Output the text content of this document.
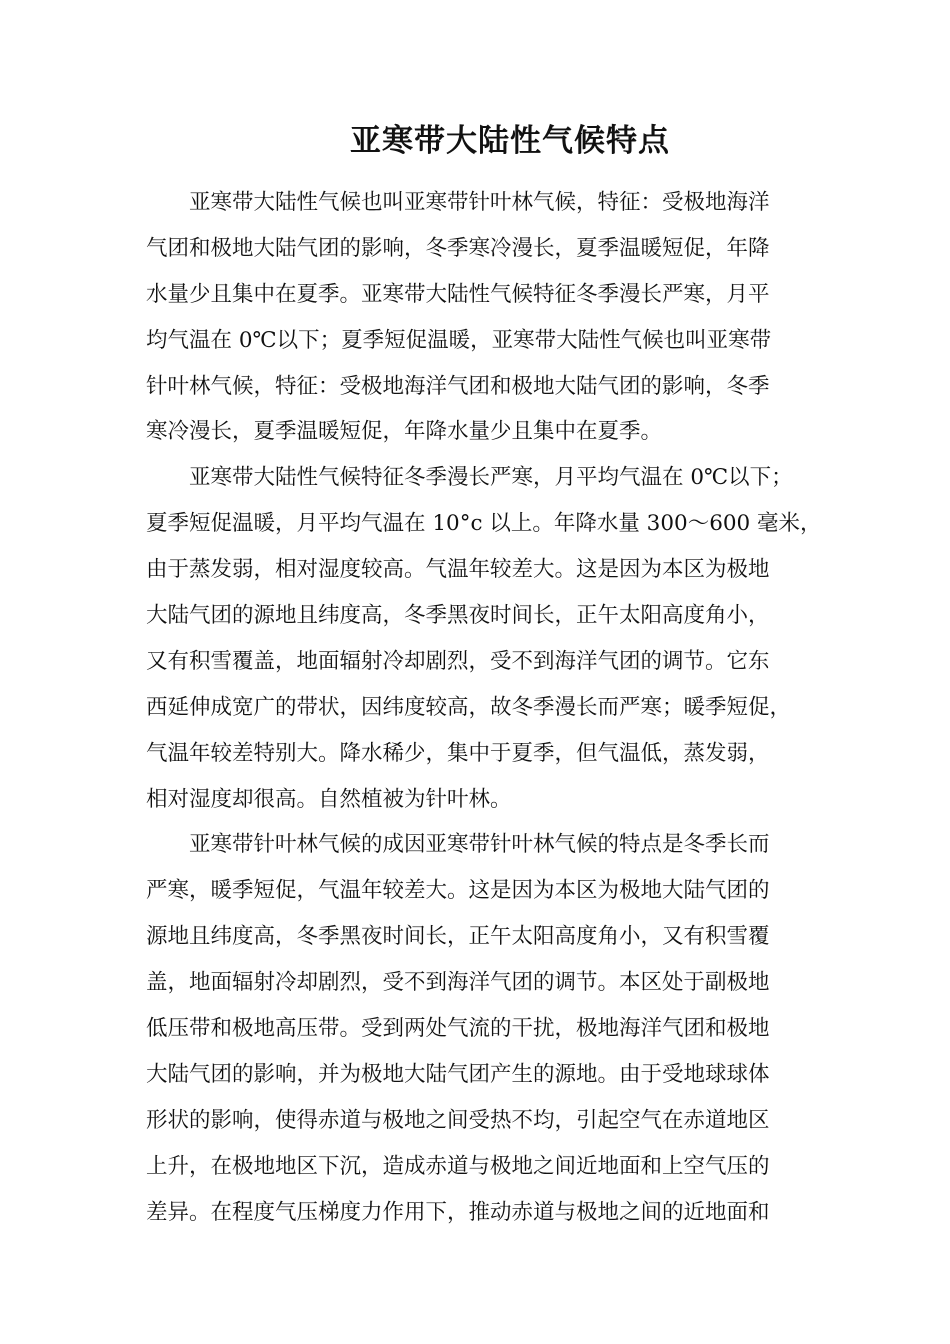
亚寒带大陆性气候特点
亚寒带大陆性气候也叫亚寒带针叶林气候，特征：受极地海洋
气团和极地大陆气团的影响，冬季寒冷漫长，夏季温暖短促，年降
水量少且集中在夏季。亚寒带大陆性气候特征冬季漫长严寒，月平
均气温在 0℃以下；夏季短促温暖，亚寒带大陆性气候也叫亚寒带
针叶林气候，特征：受极地海洋气团和极地大陆气团的影响，冬季
寒冷漫长，夏季温暖短促，年降水量少且集中在夏季。
亚寒带大陆性气候特征冬季漫长严寒，月平均气温在 0℃以下；
夏季短促温暖，月平均气温在 10°c 以上。年降水量 300～600 毫米，
由于蒸发弱，相对湿度较高。气温年较差大。这是因为本区为极地
大陆气团的源地且纬度高，冬季黑夜时间长，正午太阳高度角小，
又有积雪覆盖，地面辐射冷却剧烈，受不到海洋气团的调节。它东
西延伸成宽广的带状，因纬度较高，故冬季漫长而严寒；暖季短促，
气温年较差特别大。降水稀少，集中于夏季，但气温低，蒸发弱，
相对湿度却很高。自然植被为针叶林。
亚寒带针叶林气候的成因亚寒带针叶林气候的特点是冬季长而
严寒，暖季短促，气温年较差大。这是因为本区为极地大陆气团的
源地且纬度高，冬季黑夜时间长，正午太阳高度角小，又有积雪覆
盖，地面辐射冷却剧烈，受不到海洋气团的调节。本区处于副极地
低压带和极地高压带。受到两处气流的干扰，极地海洋气团和极地
大陆气团的影响，并为极地大陆气团产生的源地。由于受地球球体
形状的影响，使得赤道与极地之间受热不均，引起空气在赤道地区
上升，在极地地区下沉，造成赤道与极地之间近地面和上空气压的
差异。在程度气压梯度力作用下，推动赤道与极地之间的近地面和
